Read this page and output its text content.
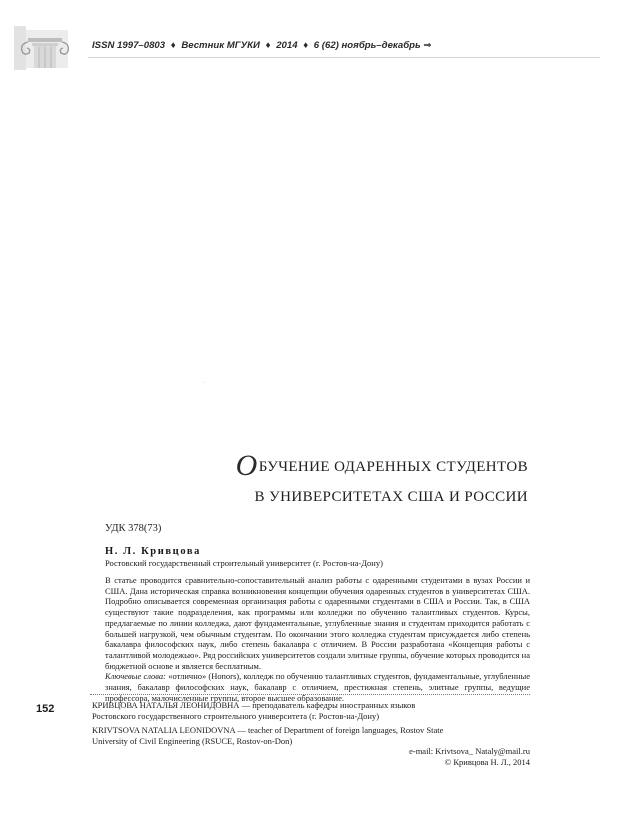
ISSN 1997–0803 ♦ Вестник МГУКИ ♦ 2014 ♦ 6 (62) ноябрь–декабрь ⇒
·
ОБУЧЕНИЕ ОДАРЕННЫХ СТУДЕНТОВ
В УНИВЕРСИТЕТАХ США И РОССИИ
УДК 378(73)
Н. Л. Кривцова
Ростовский государственный строительный университет (г. Ростов-на-Дону)
В статье проводится сравнительно-сопоставительный анализ работы с одаренными студентами в вузах России и США. Дана историческая справка возникновения концепции обучения одаренных студентов в университетах США. Подробно описывается современная организация работы с одаренными студентами в США и России. Так, в США существуют такие подразделения, как программы или колледжи по обучению талантливых студентов. Курсы, предлагаемые по линии колледжа, дают фундаментальные, углубленные знания и студентам приходится работать с большей нагрузкой, чем обычным студентам. По окончании этого колледжа студентам присуждается либо степень бакалавра философских наук, либо степень бакалавра с отличием. В России разработана «Концепция работы с талантливой молодежью». Ряд российских университетов создали элитные группы, обучение которых проводится на бюджетной основе и является бесплатным.
Ключевые слова: «отлично» (Honors), колледж по обучению талантливых студентов, фундаментальные, углубленные знания, бакалавр философских наук, бакалавр с отличием, престижная степень, элитные группы, ведущие профессора, малочисленные группы, второе высшее образование.
152	КРИВЦОВА НАТАЛЬЯ ЛЕОНИДОВНА — преподаватель кафедры иностранных языков

Ростовского государственного строительного университета (г. Ростов-на-Дону)

KRIVTSOVA NATALIA LEONIDOVNA — teacher of Department of foreign languages, Rostov State

University of Civil Engineering (RSUCE, Rostov-on-Don)

e-mail: Krivtsova_ Nataly@mail.ru

© Кривцова Н. Л., 2014
